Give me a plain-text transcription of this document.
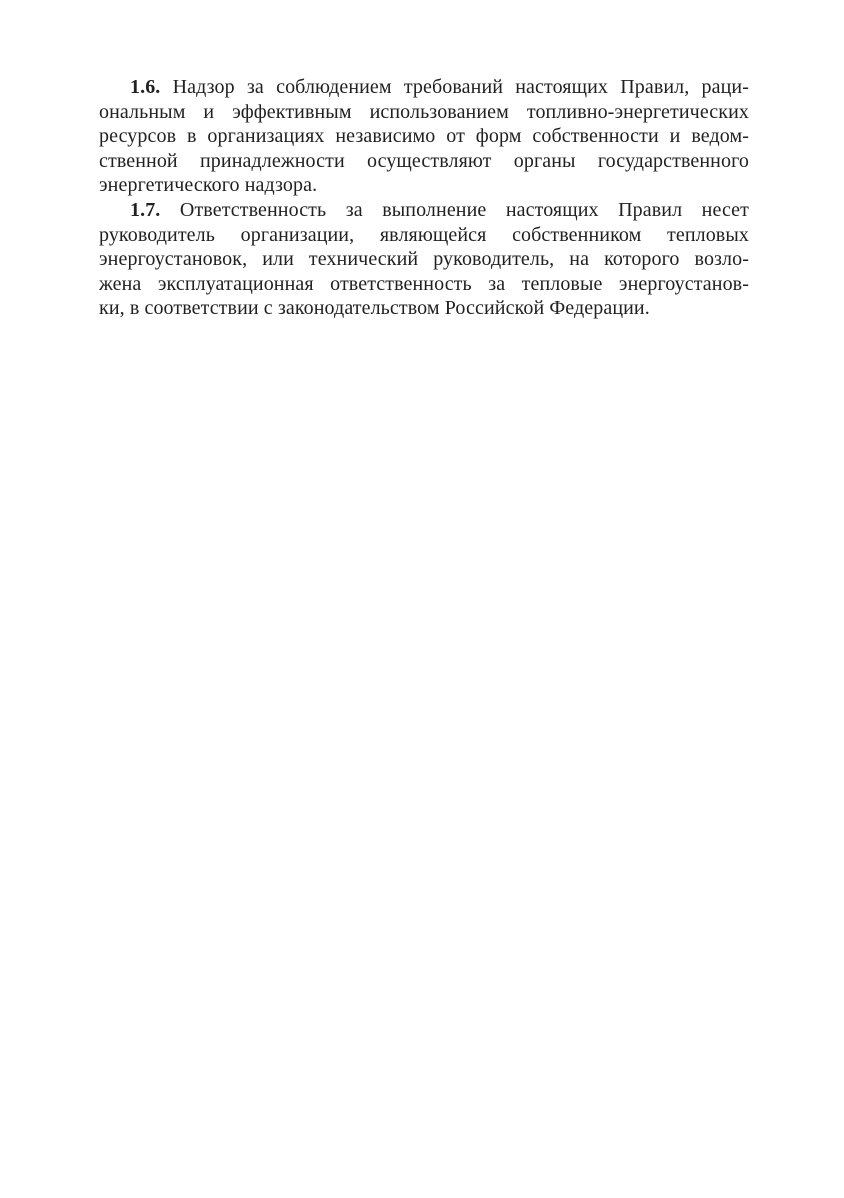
1.6. Надзор за соблюдением требований настоящих Правил, раци-
ональным и эффективным использованием топливно-энергетических
ресурсов в организациях независимо от форм собственности и ведом-
ственной принадлежности осуществляют органы государственного
энергетического надзора.
1.7. Ответственность за выполнение настоящих Правил несет
руководитель организации, являющейся собственником тепловых
энергоустановок, или технический руководитель, на которого возло-
жена эксплуатационная ответственность за тепловые энергоустанов-
ки, в соответствии с законодательством Российской Федерации.
